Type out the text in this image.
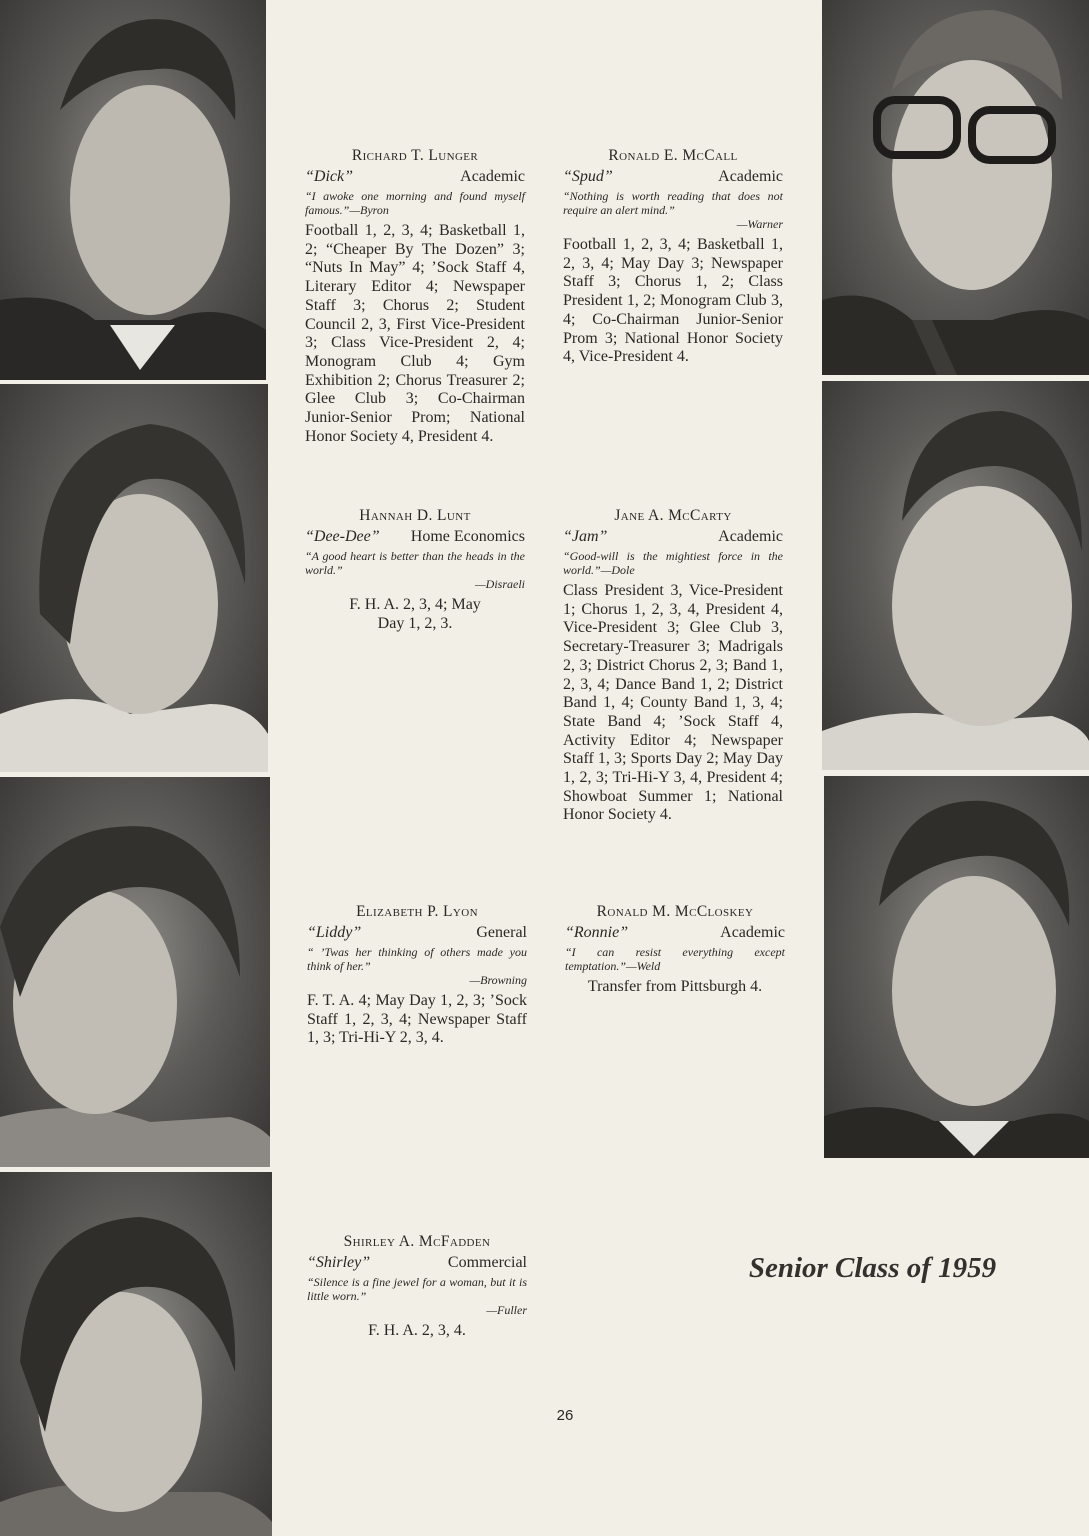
Richard T. Lunger
“Dick”	Academic
“I awoke one morning and found myself famous.”—Byron
Football 1, 2, 3, 4; Basketball 1, 2; “Cheaper By The Dozen” 3; “Nuts In May” 4; ’Sock Staff 4, Literary Editor 4; Newspaper Staff 3; Chorus 2; Student Council 2, 3, First Vice-President 3; Class Vice-President 2, 4; Monogram Club 4; Gym Exhibition 2; Chorus Treasurer 2; Glee Club 3; Co-Chairman Junior-Senior Prom; National Honor Society 4, President 4.
Ronald E. McCall
“Spud”	Academic
“Nothing is worth reading that does not require an alert mind.”
—Warner
Football 1, 2, 3, 4; Basketball 1, 2, 3, 4; May Day 3; Newspaper Staff 3; Chorus 1, 2; Class President 1, 2; Monogram Club 3, 4; Co-Chairman Junior-Senior Prom 3; National Honor Society 4, Vice-President 4.
Hannah D. Lunt
“Dee-Dee” Home Economics
“A good heart is better than the heads in the world.”
—Disraeli
F. H. A. 2, 3, 4; May Day 1, 2, 3.
Jane A. McCarty
“Jam”	Academic
“Good-will is the mightiest force in the world.”—Dole
Class President 3, Vice-President 1; Chorus 1, 2, 3, 4, President 4, Vice-President 3; Glee Club 3, Secretary-Treasurer 3; Madrigals 2, 3; District Chorus 2, 3; Band 1, 2, 3, 4; Dance Band 1, 2; District Band 1, 4; County Band 1, 3, 4; State Band 4; ’Sock Staff 4, Activity Editor 4; Newspaper Staff 1, 3; Sports Day 2; May Day 1, 2, 3; Tri-Hi-Y 3, 4, President 4; Showboat Summer 1; National Honor Society 4.
Elizabeth P. Lyon
“Liddy”	General
“ ’Twas her thinking of others made you think of her.”
—Browning
F. T. A. 4; May Day 1, 2, 3; ’Sock Staff 1, 2, 3, 4; Newspaper Staff 1, 3; Tri-Hi-Y 2, 3, 4.
Ronald M. McCloskey
“Ronnie”	Academic
“I can resist everything except temptation.”—Weld
Transfer from Pittsburgh 4.
Shirley A. McFadden
“Shirley”	Commercial
“Silence is a fine jewel for a woman, but it is little worn.”
—Fuller
F. H. A. 2, 3, 4.
Senior Class of 1959
26
